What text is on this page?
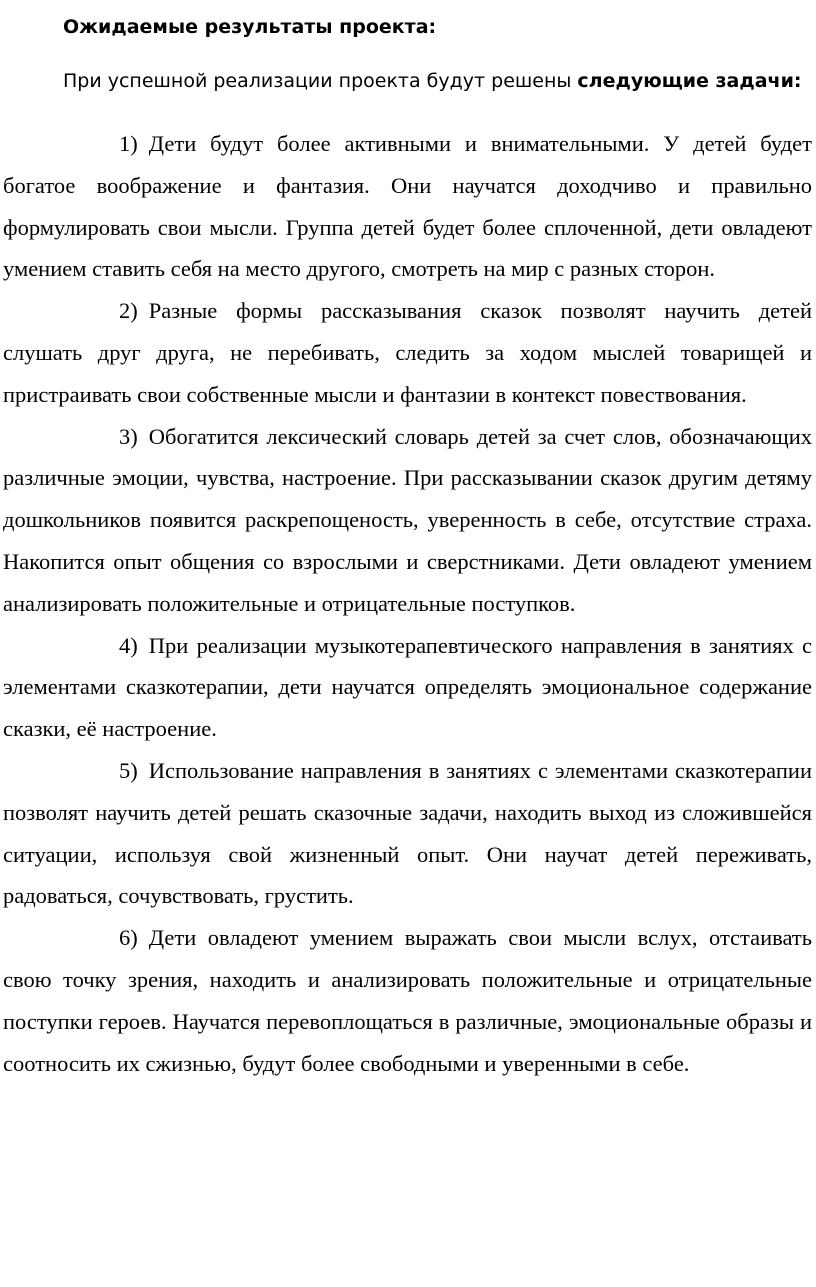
Ожидаемые результаты проекта:
При успешной реализации проекта будут решены следующие задачи:

1) Дети будут более активными и внимательными. У детей будет богатое воображение и фантазия. Они научатся доходчиво и правильно формулировать свои мысли. Группа детей будет более сплоченной, дети овладеют умением ставить себя на место другого, смотреть на мир с разных сторон.

2) Разные формы рассказывания сказок позволят научить детей слушать друг друга, не перебивать, следить за ходом мыслей товарищей и пристраивать свои собственные мысли и фантазии в контекст повествования.

3) Обогатится лексический словарь детей за счет слов, обозначающих различные эмоции, чувства, настроение. При рассказывании сказок другим детяму дошкольников появится раскрепощеность, уверенность в себе, отсутствие страха. Накопится опыт общения со взрослыми и сверстниками. Дети овладеют умением анализировать положительные и отрицательные поступков.

4) При реализации музыкотерапевтического направления в занятиях с элементами сказкотерапии, дети научатся определять эмоциональное содержание сказки, её настроение.

5) Использование направления в занятиях с элементами сказкотерапии позволят научить детей решать сказочные задачи, находить выход из сложившейся ситуации, используя свой жизненный опыт. Они научат детей переживать, радоваться, сочувствовать, грустить.

6) Дети овладеют умением выражать свои мысли вслух, отстаивать свою точку зрения, находить и анализировать положительные и отрицательные поступки героев. Научатся перевоплощаться в различные, эмоциональные образы и соотносить их сжизнью, будут более свободными и уверенными в себе.
